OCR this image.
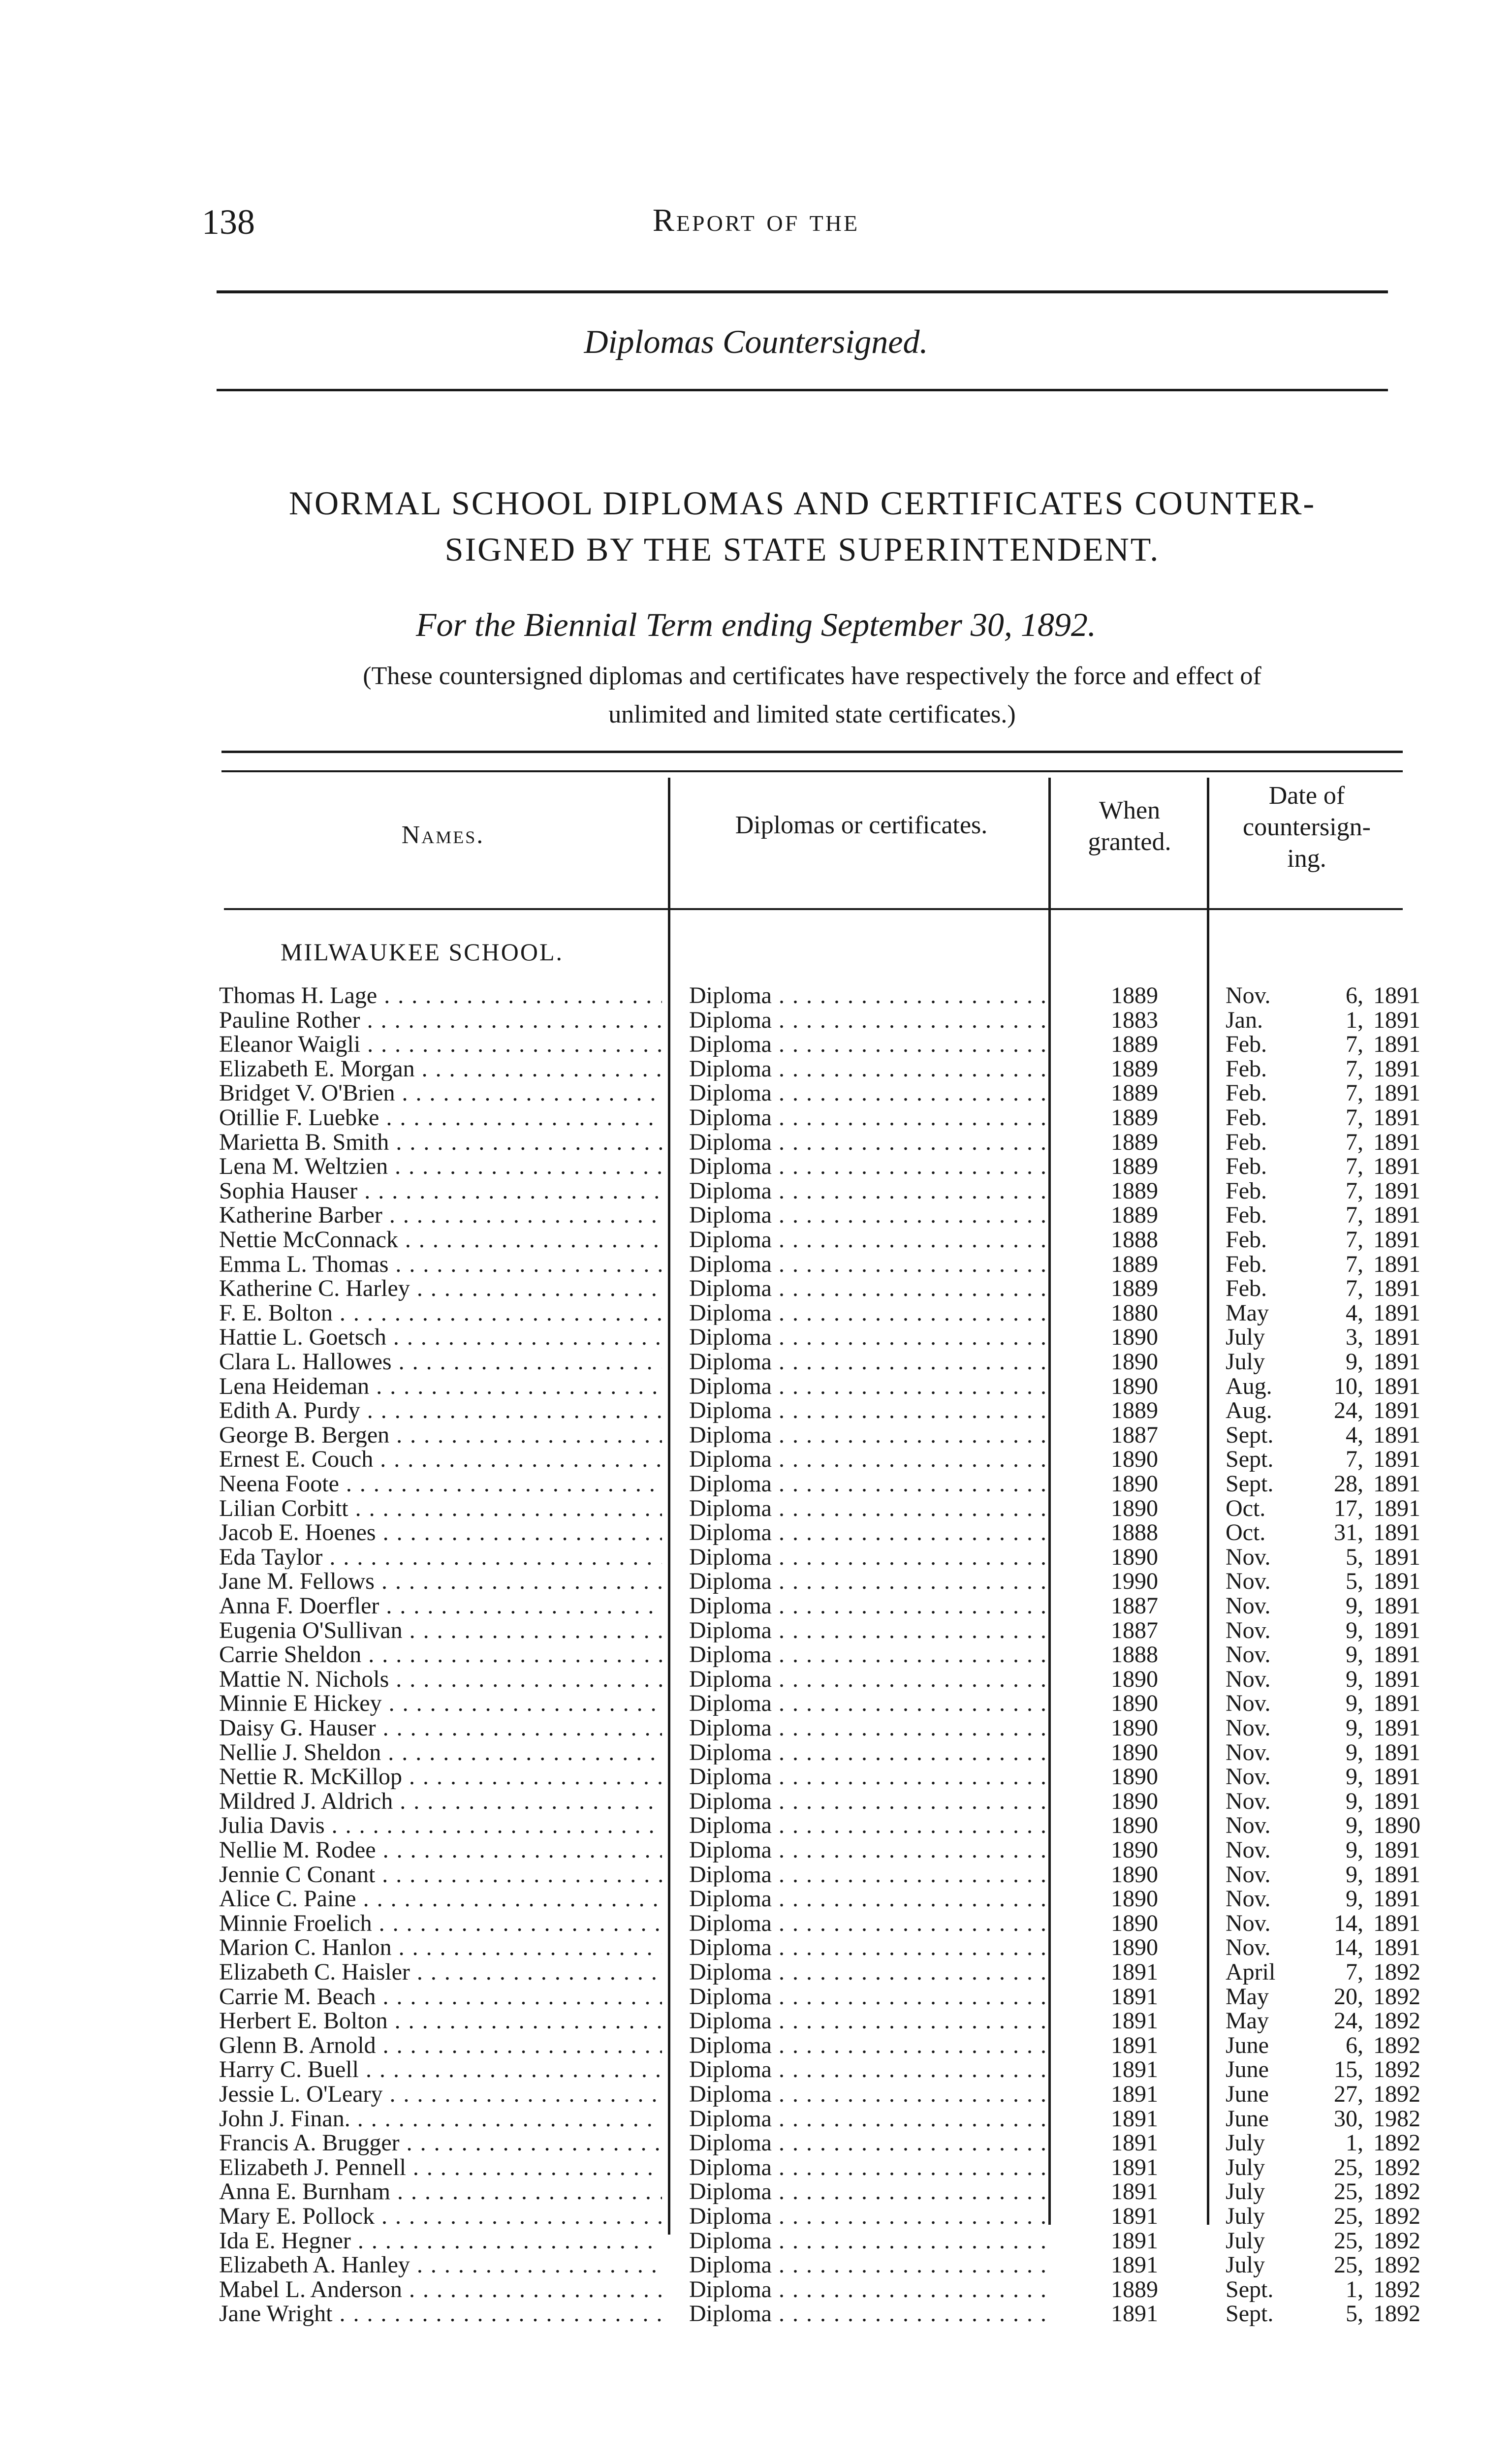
138	Report of the
Diplomas Countersigned.
NORMAL SCHOOL DIPLOMAS AND CERTIFICATES COUNTER-
SIGNED BY THE STATE SUPERINTENDENT.
For the Biennial Term ending September 30, 1892.
(These countersigned diplomas and certificates have respectively the force and effect of
unlimited and limited state certificates.)
Names.	Diplomas or certificates.
When
granted.
Date of
countersign-
ing.
MILWAUKEE SCHOOL.
Thomas H. Lage . . .	Diploma . . .	1889	Nov.	6, 1891
Pauline Rother . . .	Diploma . . .	1883	Jan.	1, 1891
Eleanor Waigli . . .	Diploma . . .	1889	Feb.	7, 1891
Elizabeth E. Morgan . . .	Diploma . . .	1889	Feb.	7, 1891
Bridget V. O'Brien . . .	Diploma . . .	1889	Feb.	7, 1891
Otillie F. Luebke . . .	Diploma . . .	1889	Feb.	7, 1891
Marietta B. Smith . . .	Diploma . . .	1889	Feb.	7, 1891
Lena M. Weltzien . . .	Diploma . . .	1889	Feb.	7, 1891
Sophia Hauser . . .	Diploma . . .	1889	Feb.	7, 1891
Katherine Barber . . .	Diploma . . .	1889	Feb.	7, 1891
Nettie McConnack . . .	Diploma . . .	1888	Feb.	7, 1891
Emma L. Thomas . . .	Diploma . . .	1889	Feb.	7, 1891
Katherine C. Harley . . .	Diploma . . .	1889	Feb.	7, 1891
F. E. Bolton . . .	Diploma . . .	1880	May	4, 1891
Hattie L. Goetsch . . .	Diploma . . .	1890	July	3, 1891
Clara L. Hallowes . . .	Diploma . . .	1890	July	9, 1891
Lena Heideman . . .	Diploma . . .	1890	Aug.	10, 1891
Edith A. Purdy . . .	Diploma . . .	1889	Aug.	24, 1891
George B. Bergen . . .	Diploma . . .	1887	Sept.	4, 1891
Ernest E. Couch . . .	Diploma . . .	1890	Sept.	7, 1891
Neena Foote . . .	Diploma . . .	1890	Sept.	28, 1891
Lilian Corbitt . . .	Diploma . . .	1890	Oct.	17, 1891
Jacob E. Hoenes . . .	Diploma . . .	1888	Oct.	31, 1891
Eda Taylor . . .	Diploma . . .	1890	Nov.	5, 1891
Jane M. Fellows . . .	Diploma . . .	1990	Nov.	5, 1891
Anna F. Doerfler . . .	Diploma . . .	1887	Nov.	9, 1891
Eugenia O'Sullivan . . .	Diploma . . .	1887	Nov.	9, 1891
Carrie Sheldon . . .	Diploma . . .	1888	Nov.	9, 1891
Mattie N. Nichols . . .	Diploma . . .	1890	Nov.	9, 1891
Minnie E Hickey . . .	Diploma . . .	1890	Nov.	9, 1891
Daisy G. Hauser . . .	Diploma . . .	1890	Nov.	9, 1891
Nellie J. Sheldon . . .	Diploma . . .	1890	Nov.	9, 1891
Nettie R. McKillop . . .	Diploma . . .	1890	Nov.	9, 1891
Mildred J. Aldrich . . .	Diploma . . .	1890	Nov.	9, 1891
Julia Davis . . .	Diploma . . .	1890	Nov.	9, 1890
Nellie M. Rodee . . .	Diploma . . .	1890	Nov.	9, 1891
Jennie C Conant . . .	Diploma . . .	1890	Nov.	9, 1891
Alice C. Paine . . .	Diploma . . .	1890	Nov.	9, 1891
Minnie Froelich . . .	Diploma . . .	1890	Nov.	14, 1891
Marion C. Hanlon . . .	Diploma . . .	1890	Nov.	14, 1891
Elizabeth C. Haisler . . .	Diploma . . .	1891	April	7, 1892
Carrie M. Beach . . .	Diploma . . .	1891	May	20, 1892
Herbert E. Bolton . . .	Diploma . . .	1891	May	24, 1892
Glenn B. Arnold . . .	Diploma . . .	1891	June	6, 1892
Harry C. Buell . . .	Diploma . . .	1891	June	15, 1892
Jessie L. O'Leary . . .	Diploma . . .	1891	June	27, 1892
John J. Finan. . . .	Diploma . . .	1891	June	30, 1982
Francis A. Brugger . . .	Diploma . . .	1891	July	1, 1892
Elizabeth J. Pennell . . .	Diploma . . .	1891	July	25, 1892
Anna E. Burnham . . .	Diploma . . .	1891	July	25, 1892
Mary E. Pollock . . .	Diploma . . .	1891	July	25, 1892
Ida E. Hegner . . .	Diploma . . .	1891	July	25, 1892
Elizabeth A. Hanley . . .	Diploma . . .	1891	July	25, 1892
Mabel L. Anderson . . .	Diploma . . .	1889	Sept.	1, 1892
Jane Wright . . .	Diploma . . .	1891	Sept.	5, 1892
